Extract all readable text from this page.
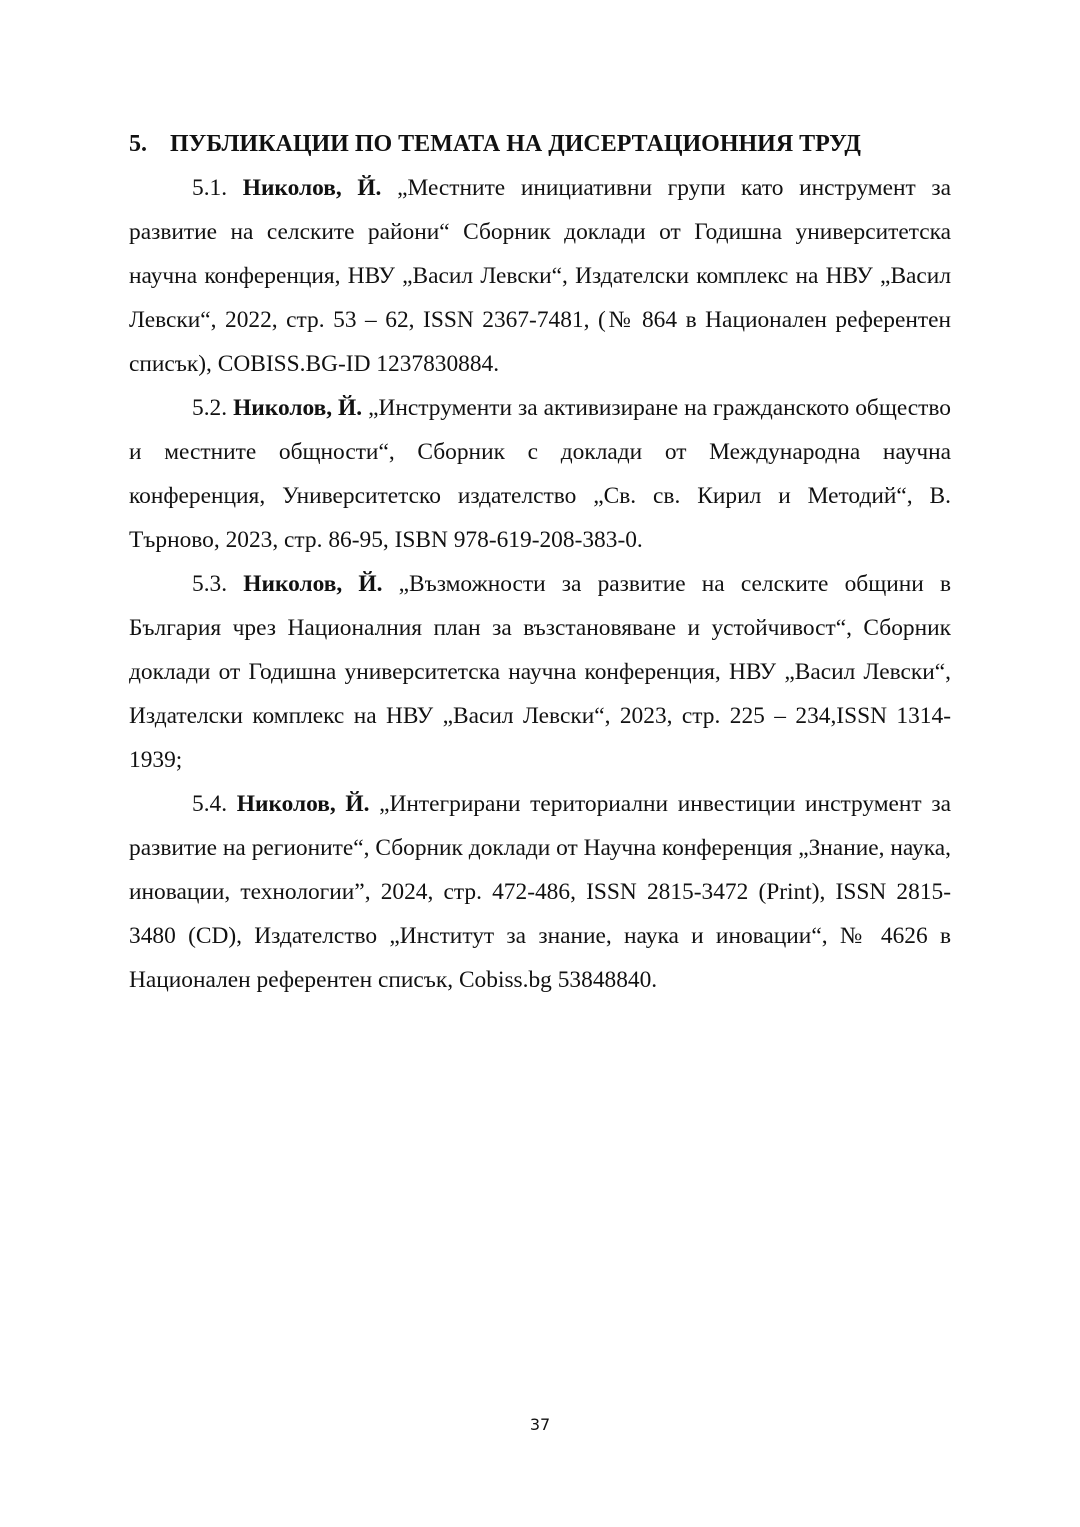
5. ПУБЛИКАЦИИ ПО ТЕМАТА НА ДИСЕРТАЦИОННИЯ ТРУД

5.1. Николов, Й. „Местните инициативни групи като инструмент за развитие на селските райони“ Сборник доклади от Годишна университетска научна конференция, НВУ „Васил Левски“, Издателски комплекс на НВУ „Васил Левски“, 2022, стр. 53 – 62, ISSN 2367-7481, (№ 864 в Национален референтен списък), COBISS.BG-ID 1237830884.

5.2. Николов, Й. „Инструменти за активизиране на гражданското общество и местните общности“, Сборник с доклади от Международна научна конференция, Университетско издателство „Св. св. Кирил и Методий“, В. Търново, 2023, стр. 86-95, ISBN 978-619-208-383-0.

5.3. Николов, Й. „Възможности за развитие на селските общини в България чрез Националния план за възстановяване и устойчивост“, Сборник доклади от Годишна университетска научна конференция, НВУ „Васил Левски“, Издателски комплекс на НВУ „Васил Левски“, 2023, стр. 225 – 234,ISSN 1314-1939;

5.4. Николов, Й. „Интегрирани териториални инвестиции инструмент за развитие на регионите“, Сборник доклади от Научна конференция „Знание, наука, иновации, технологии”, 2024, стр. 472-486, ISSN 2815-3472 (Print), ISSN 2815-3480 (CD), Издателство „Институт за знание, наука и иновации“, № 4626 в Национален референтен списък, Cobiss.bg 53848840.

37
